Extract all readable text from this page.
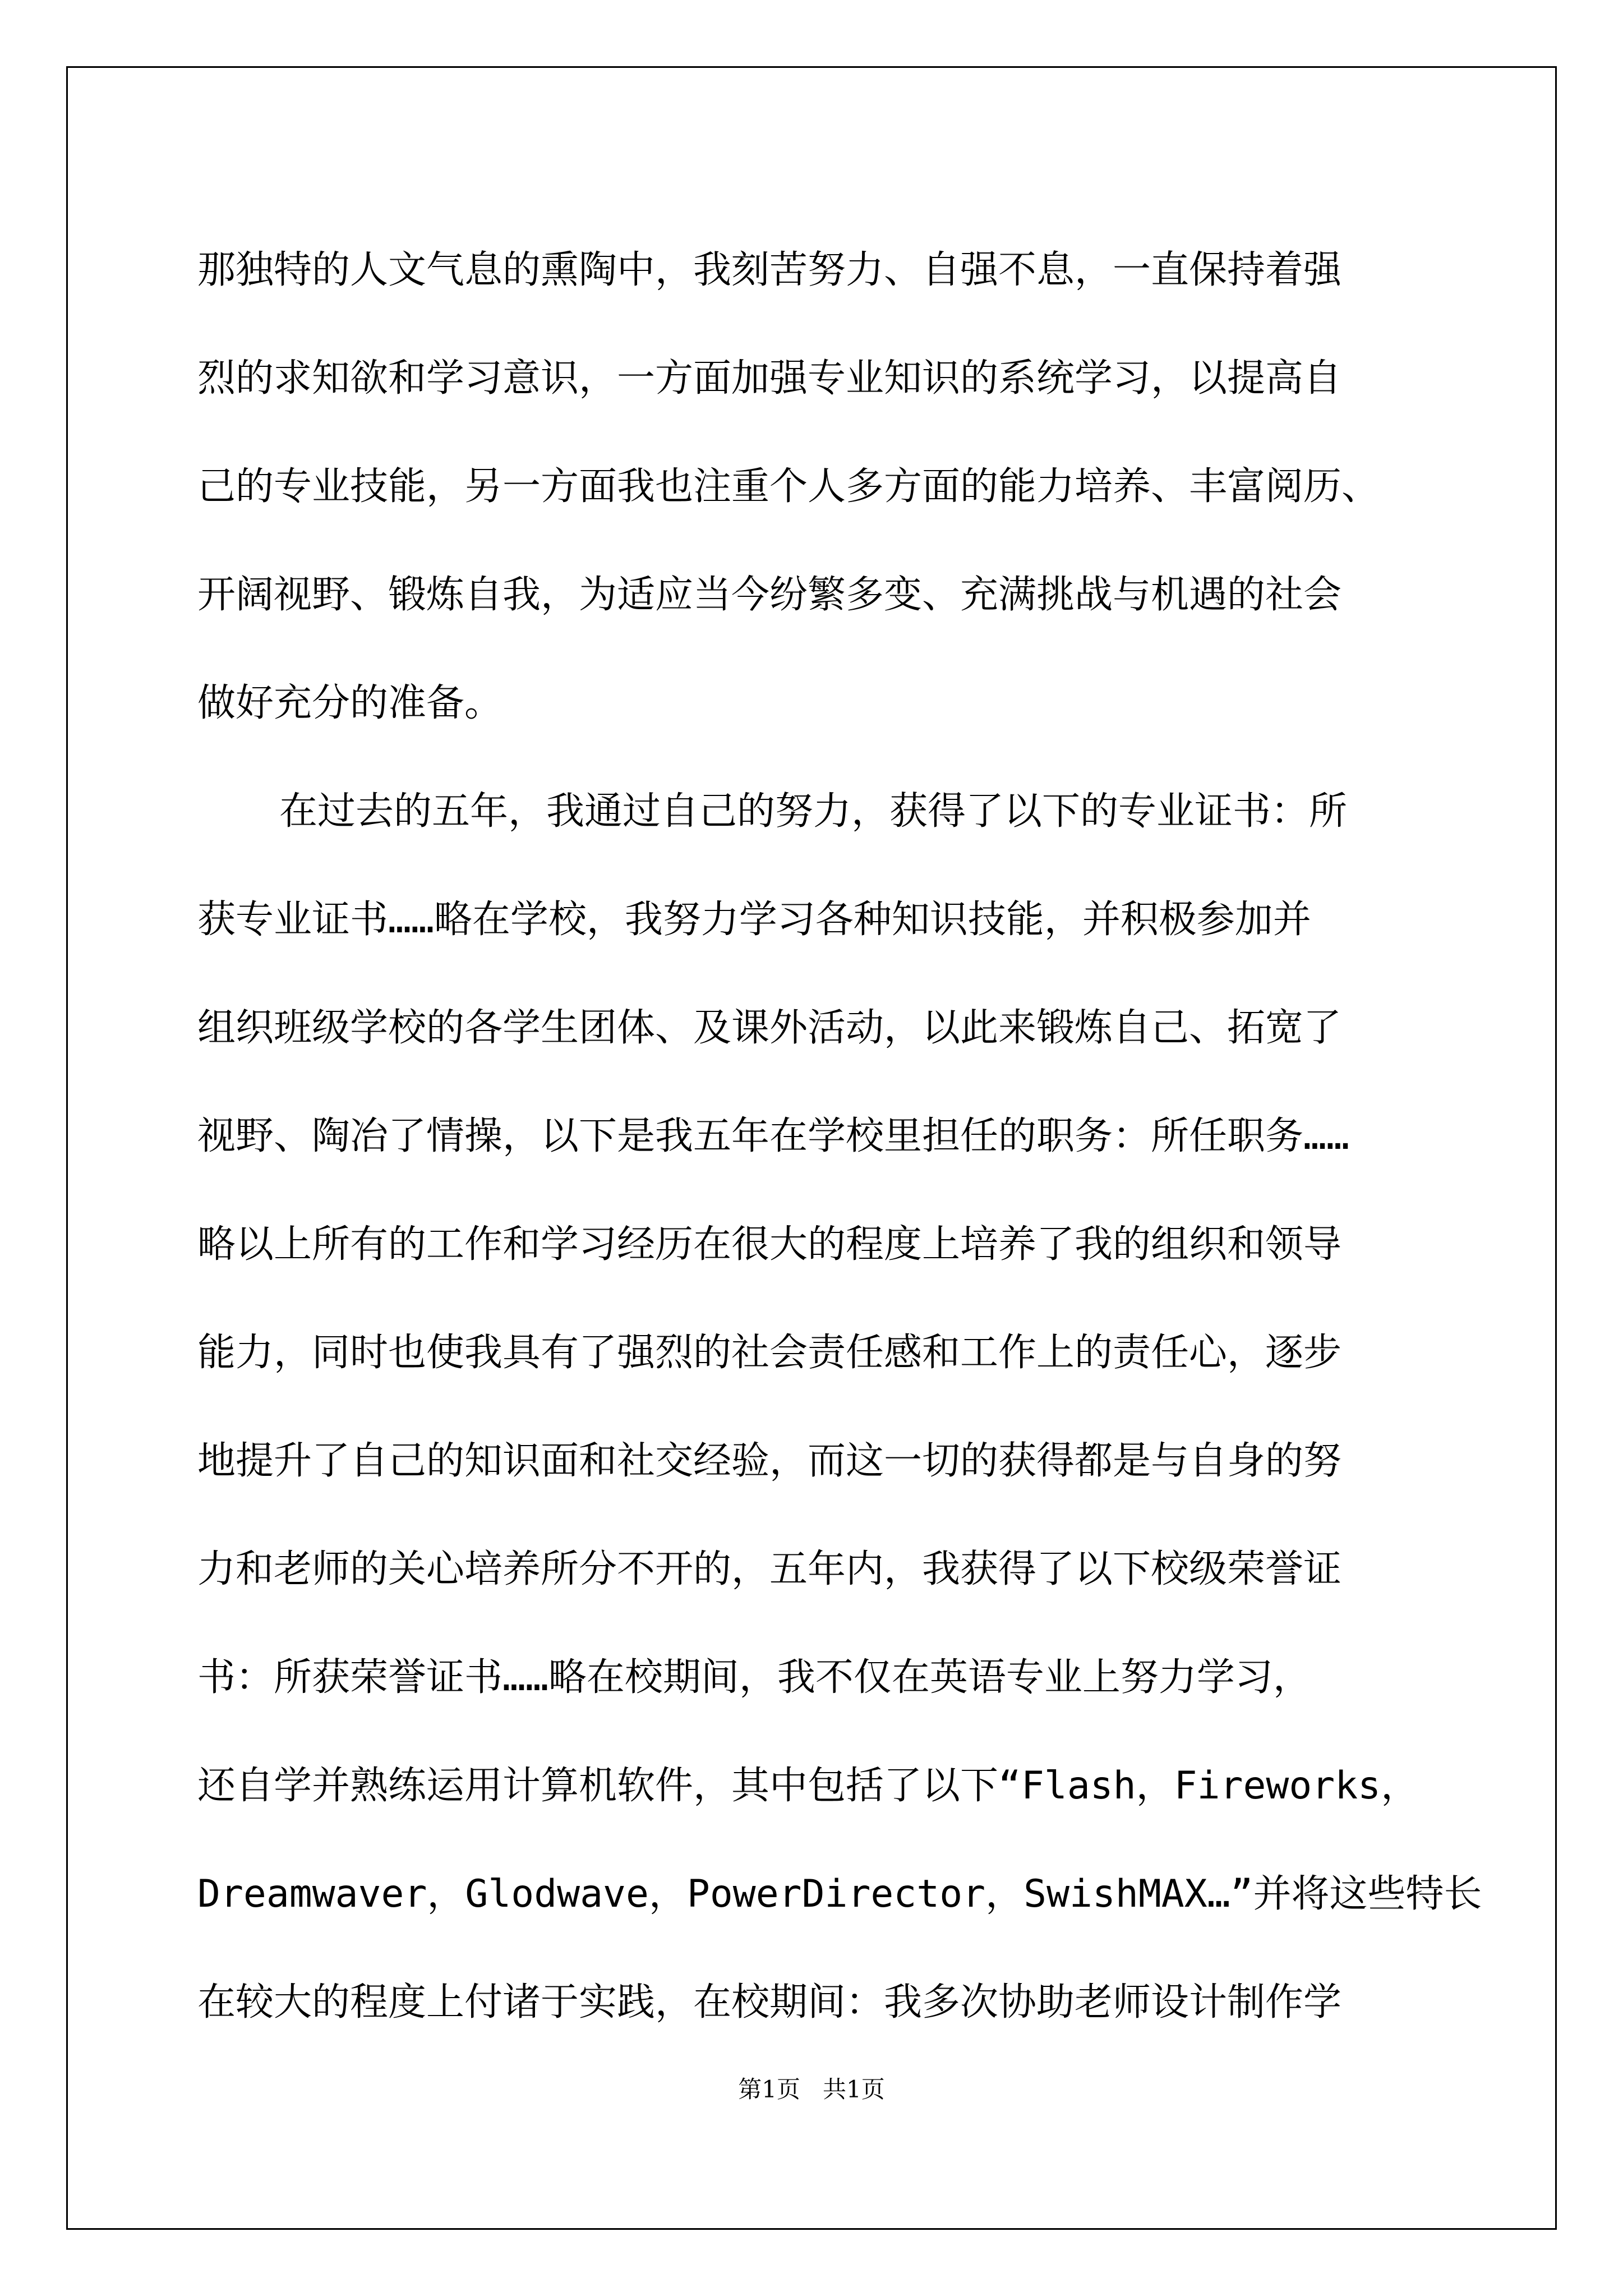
那独特的人文气息的熏陶中，我刻苦努力、自强不息，一直保持着强
烈的求知欲和学习意识，一方面加强专业知识的系统学习，以提高自
己的专业技能，另一方面我也注重个人多方面的能力培养、丰富阅历、
开阔视野、锻炼自我，为适应当今纷繁多变、充满挑战与机遇的社会
做好充分的准备。
在过去的五年，我通过自己的努力，获得了以下的专业证书：所
获专业证书……略在学校，我努力学习各种知识技能，并积极参加并
组织班级学校的各学生团体、及课外活动，以此来锻炼自己、拓宽了
视野、陶冶了情操，以下是我五年在学校里担任的职务：所任职务……
略以上所有的工作和学习经历在很大的程度上培养了我的组织和领导
能力，同时也使我具有了强烈的社会责任感和工作上的责任心，逐步
地提升了自己的知识面和社交经验，而这一切的获得都是与自身的努
力和老师的关心培养所分不开的，五年内，我获得了以下校级荣誉证
书：所获荣誉证书……略在校期间，我不仅在英语专业上努力学习，
还自学并熟练运用计算机软件，其中包括了以下“Flash，Fireworks，
Dreamwaver，Glodwave，PowerDirector，SwishMAX…”并将这些特长
在较大的程度上付诸于实践，在校期间：我多次协助老师设计制作学
第1页 共1页
